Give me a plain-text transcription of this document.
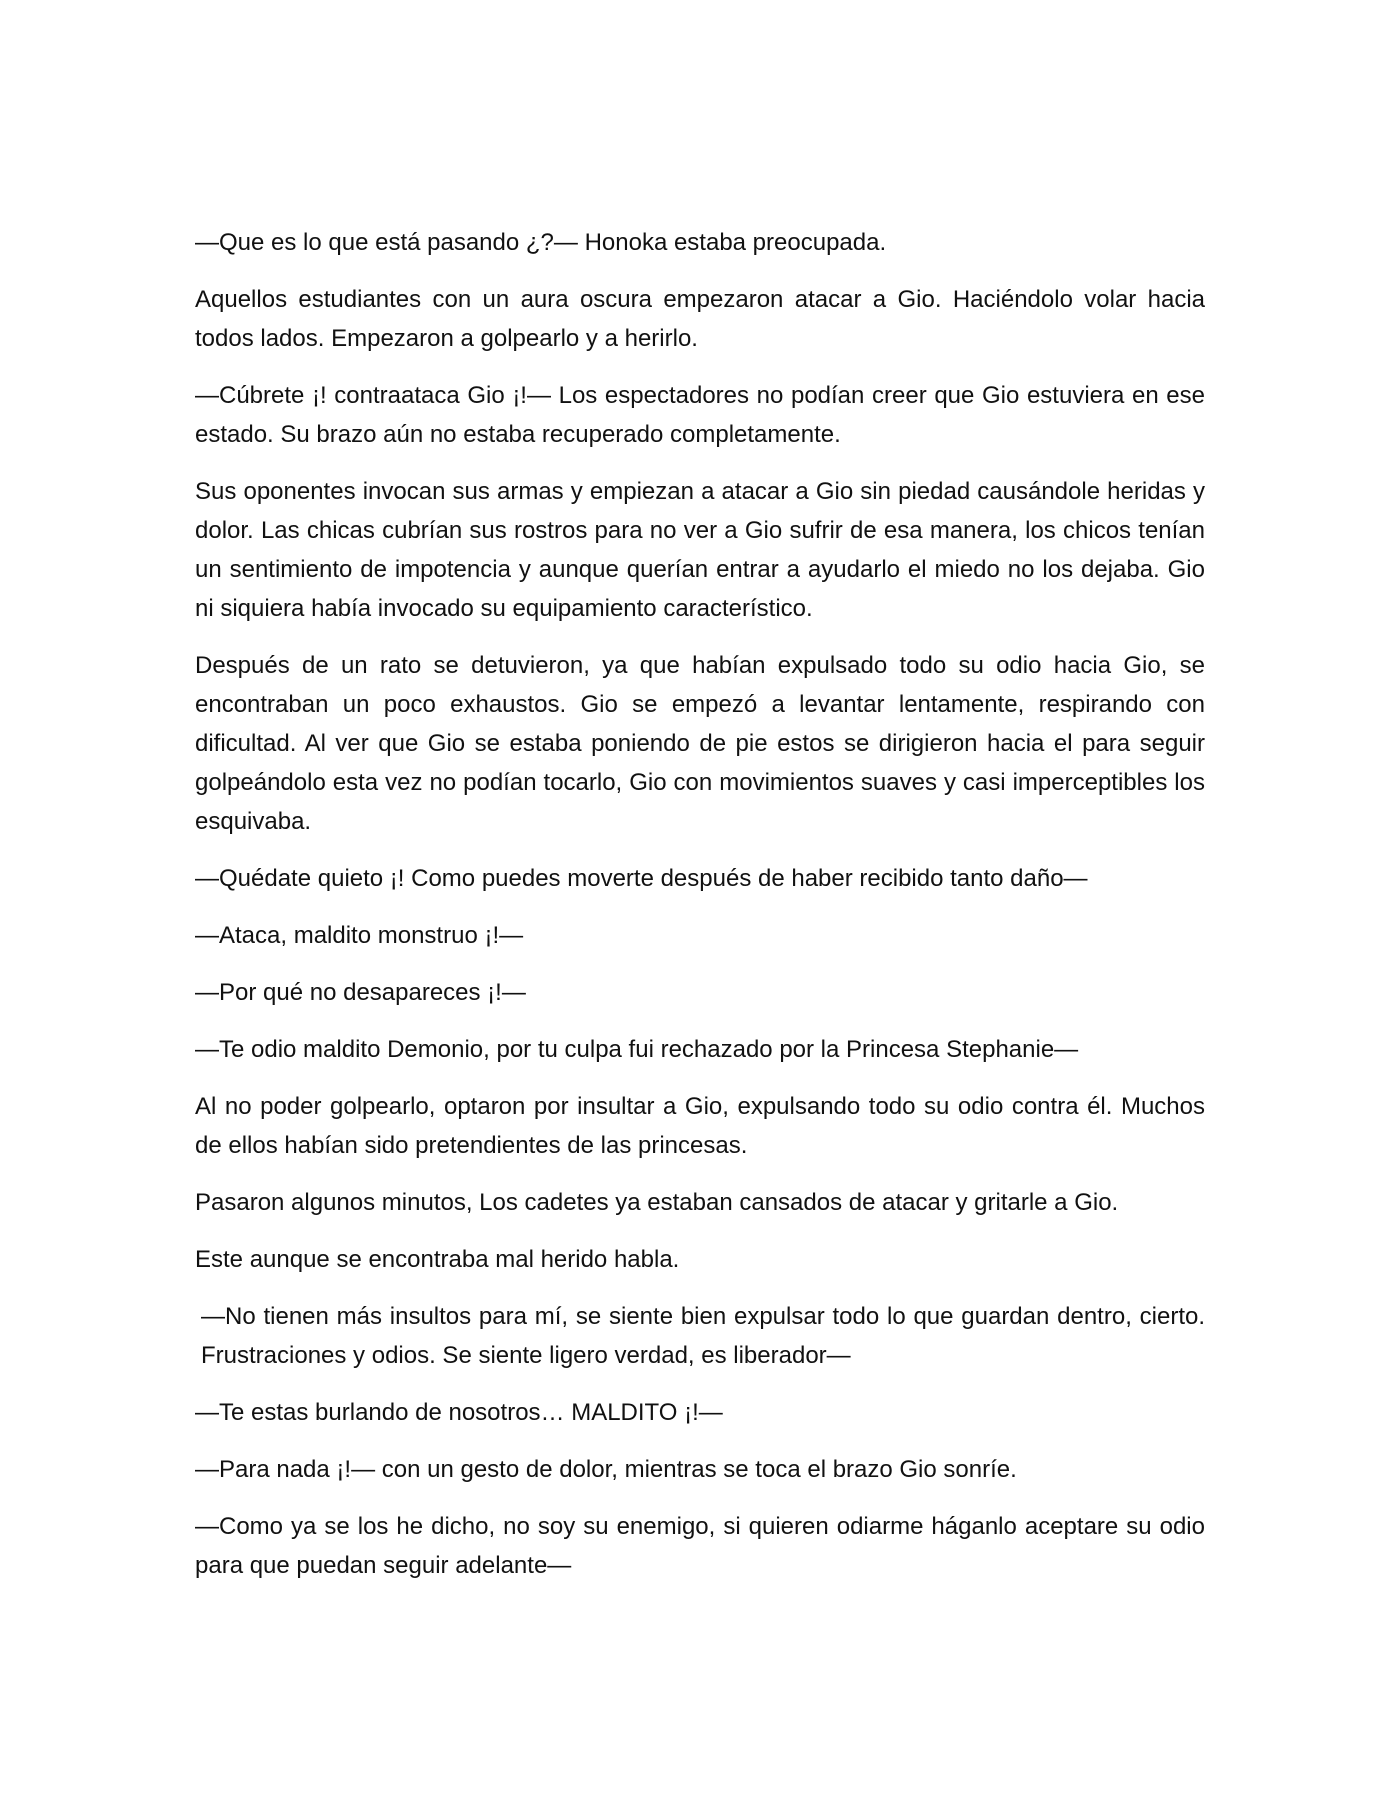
—Que es lo que está pasando ¿?— Honoka estaba preocupada.

Aquellos estudiantes con un aura oscura empezaron atacar a Gio. Haciéndolo volar hacia todos lados. Empezaron a golpearlo y a herirlo.

—Cúbrete ¡! contraataca Gio ¡!— Los espectadores no podían creer que Gio estuviera en ese estado. Su brazo aún no estaba recuperado completamente.

Sus oponentes invocan sus armas y empiezan a atacar a Gio sin piedad causándole heridas y dolor. Las chicas cubrían sus rostros para no ver a Gio sufrir de esa manera, los chicos tenían un sentimiento de impotencia y aunque querían entrar a ayudarlo el miedo no los dejaba. Gio ni siquiera había invocado su equipamiento característico.

Después de un rato se detuvieron, ya que habían expulsado todo su odio hacia Gio, se encontraban un poco exhaustos. Gio se empezó a levantar lentamente, respirando con dificultad. Al ver que Gio se estaba poniendo de pie estos se dirigieron hacia el para seguir golpeándolo esta vez no podían tocarlo, Gio con movimientos suaves y casi imperceptibles los esquivaba.

—Quédate quieto ¡! Como puedes moverte después de haber recibido tanto daño—

—Ataca, maldito monstruo ¡!—

—Por qué no desapareces ¡!—

—Te odio maldito Demonio, por tu culpa fui rechazado por la Princesa Stephanie—

Al no poder golpearlo, optaron por insultar a Gio, expulsando todo su odio contra él. Muchos de ellos habían sido pretendientes de las princesas.

Pasaron algunos minutos, Los cadetes ya estaban cansados de atacar y gritarle a Gio.

Este aunque se encontraba mal herido habla.

—No tienen más insultos para mí, se siente bien expulsar todo lo que guardan dentro, cierto. Frustraciones y odios. Se siente ligero verdad, es liberador—

—Te estas burlando de nosotros… MALDITO ¡!—

—Para nada ¡!— con un gesto de dolor, mientras se toca el brazo Gio sonríe.

—Como ya se los he dicho, no soy su enemigo, si quieren odiarme háganlo aceptare su odio para que puedan seguir adelante—
